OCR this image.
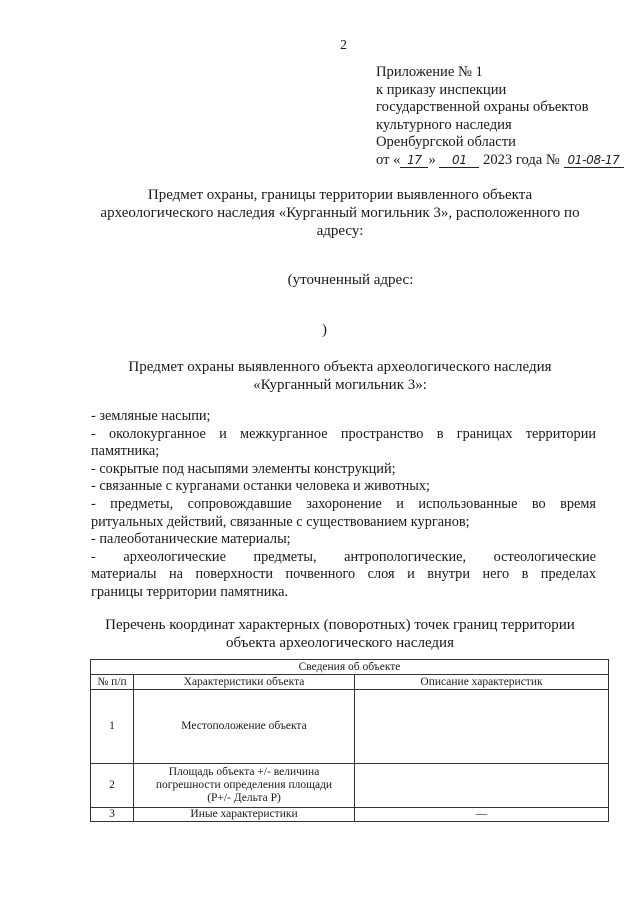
2
Приложение № 1
к приказу инспекции
государственной охраны объектов
культурного наследия
Оренбургской области
от « 17 » 01 2023 года № 01-08-17
Предмет охраны, границы территории выявленного объекта
археологического наследия «Курганный могильник 3», расположенного по
адресу:
(уточненный адрес:
)
Предмет охраны выявленного объекта археологического наследия
«Курганный могильник 3»:
- земляные насыпи;
- околокурганное и межкурганное пространство в границах территории
памятника;
- сокрытые под насыпями элементы конструкций;
- связанные с курганами останки человека и животных;
- предметы, сопровождавшие захоронение и использованные во время
ритуальных действий, связанные с существованием курганов;
- палеоботанические материалы;
- археологические предметы, антропологические, остеологические
материалы на поверхности почвенного слоя и внутри него в пределах
границы территории памятника.
Перечень координат характерных (поворотных) точек границ территории
объекта археологического наследия
Сведения об объекте		
№ п/п	Характеристики объекта	Описание характеристик
1	Местоположение объекта	
2	Площадь объекта +/- величина
погрешности определения площади
(Р+/- Дельта Р)	

3	Иные характеристики	—
